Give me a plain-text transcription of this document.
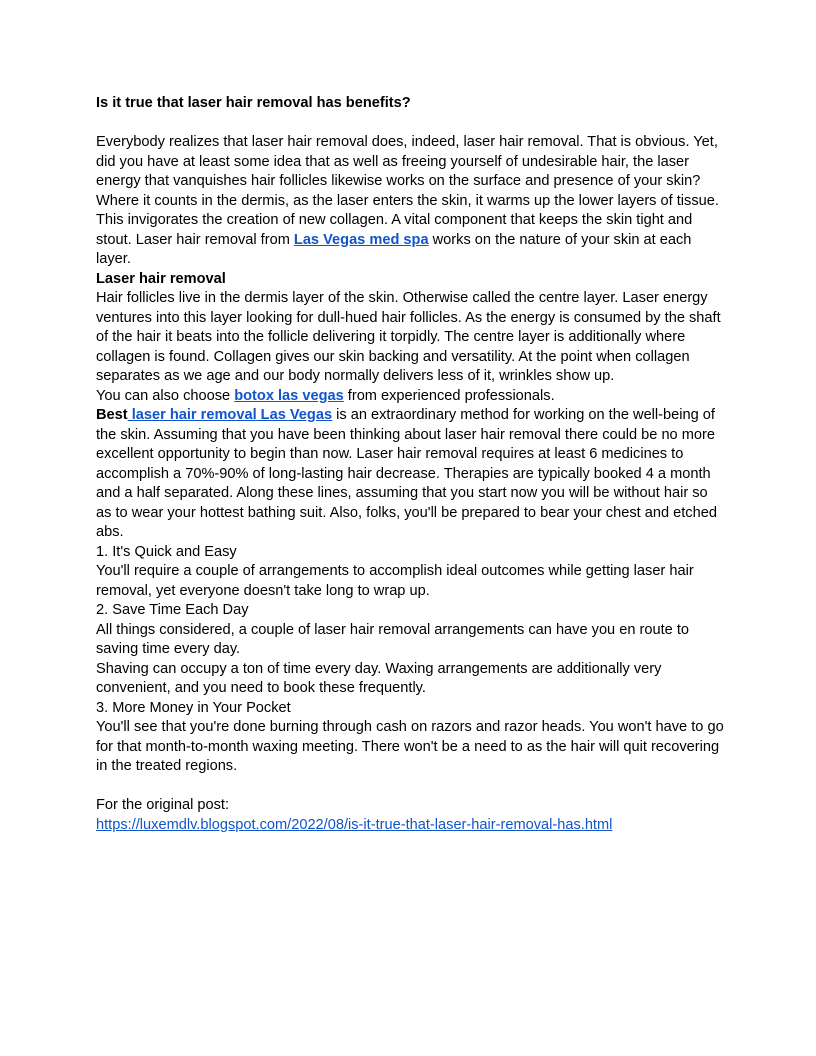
Is it true that laser hair removal has benefits?

Everybody realizes that laser hair removal does, indeed, laser hair removal. That is obvious. Yet, did you have at least some idea that as well as freeing yourself of undesirable hair, the laser energy that vanquishes hair follicles likewise works on the surface and presence of your skin?

Where it counts in the dermis, as the laser enters the skin, it warms up the lower layers of tissue. This invigorates the creation of new collagen. A vital component that keeps the skin tight and stout. Laser hair removal from Las Vegas med spa works on the nature of your skin at each layer.

Laser hair removal

Hair follicles live in the dermis layer of the skin. Otherwise called the centre layer. Laser energy ventures into this layer looking for dull-hued hair follicles. As the energy is consumed by the shaft of the hair it beats into the follicle delivering it torpidly. The centre layer is additionally where collagen is found. Collagen gives our skin backing and versatility. At the point when collagen separates as we age and our body normally delivers less of it, wrinkles show up.

You can also choose botox las vegas from experienced professionals.

Best laser hair removal Las Vegas is an extraordinary method for working on the well-being of the skin. Assuming that you have been thinking about laser hair removal there could be no more excellent opportunity to begin than now. Laser hair removal requires at least 6 medicines to accomplish a 70%-90% of long-lasting hair decrease. Therapies are typically booked 4 a month and a half separated. Along these lines, assuming that you start now you will be without hair so as to wear your hottest bathing suit. Also, folks, you'll be prepared to bear your chest and etched abs.

1. It's Quick and Easy

You'll require a couple of arrangements to accomplish ideal outcomes while getting laser hair removal, yet everyone doesn't take long to wrap up.

2. Save Time Each Day

All things considered, a couple of laser hair removal arrangements can have you en route to saving time every day.

Shaving can occupy a ton of time every day. Waxing arrangements are additionally very convenient, and you need to book these frequently.

3. More Money in Your Pocket

You'll see that you're done burning through cash on razors and razor heads. You won't have to go for that month-to-month waxing meeting. There won't be a need to as the hair will quit recovering in the treated regions.

For the original post:

https://luxemdlv.blogspot.com/2022/08/is-it-true-that-laser-hair-removal-has.html
